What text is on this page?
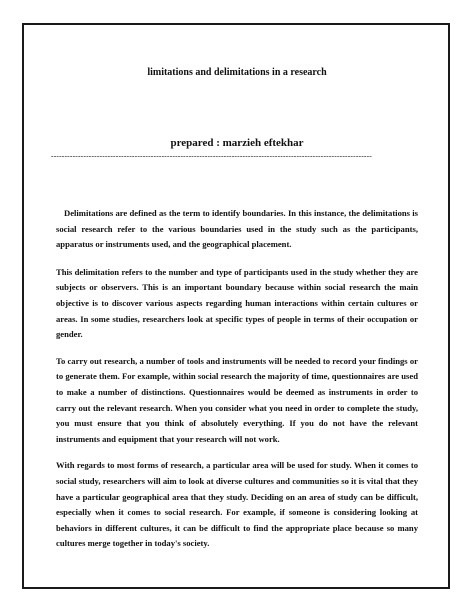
limitations and delimitations in a research

prepared : marzieh eftekhar

-----------------------------------------------------------------------------------------------------------------------

Delimitations are defined as the term to identify boundaries. In this instance, the delimitations is social research refer to the various boundaries used in the study such as the participants, apparatus or instruments used, and the geographical placement.

This delimitation refers to the number and type of participants used in the study whether they are subjects or observers. This is an important boundary because within social research the main objective is to discover various aspects regarding human interactions within certain cultures or areas. In some studies, researchers look at specific types of people in terms of their occupation or gender.

To carry out research, a number of tools and instruments will be needed to record your findings or to generate them. For example, within social research the majority of time, questionnaires are used to make a number of distinctions. Questionnaires would be deemed as instruments in order to carry out the relevant research. When you consider what you need in order to complete the study, you must ensure that you think of absolutely everything. If you do not have the relevant instruments and equipment that your research will not work.

With regards to most forms of research, a particular area will be used for study. When it comes to social study, researchers will aim to look at diverse cultures and communities so it is vital that they have a particular geographical area that they study. Deciding on an area of study can be difficult, especially when it comes to social research. For example, if someone is considering looking at behaviors in different cultures, it can be difficult to find the appropriate place because so many cultures merge together in today's society.
